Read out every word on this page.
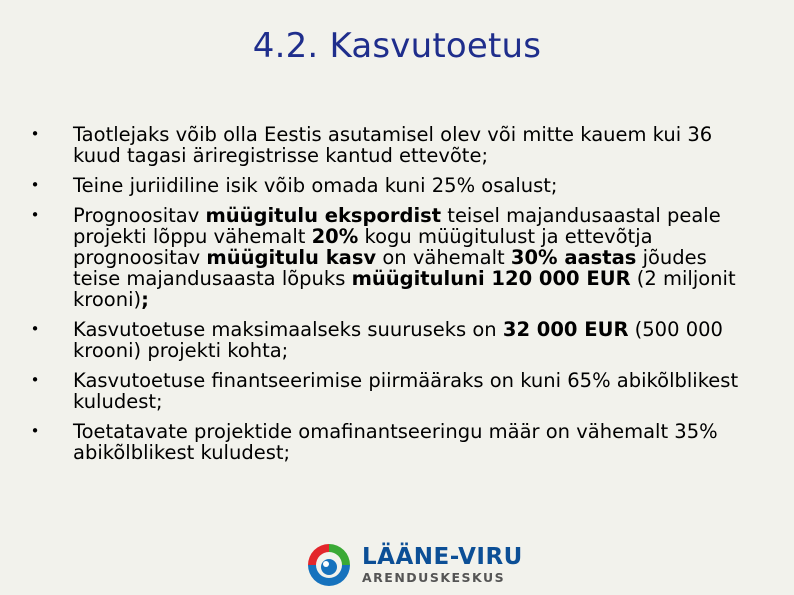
4.2. Kasvutoetus
• Taotlejaks võib olla Eestis asutamisel olev või mitte kauem kui 36 kuud tagasi äriregistrisse kantud ettevõte;
• Teine juriidiline isik võib omada kuni 25% osalust;
• Prognoositav müügitulu ekspordist teisel majandusaastal peale projekti lõppu vähemalt 20% kogu müügitulust ja ettevõtja prognoositav müügitulu kasv on vähemalt 30% aastas jõudes teise majandusaasta lõpuks müügituluni 120 000 EUR (2 miljonit krooni);
• Kasvutoetuse maksimaalseks suuruseks on 32 000 EUR (500 000 krooni) projekti kohta;
• Kasvutoetuse finantseerimise piirmääraks on kuni 65% abikõlblikest kuludest;
• Toetatavate projektide omafinantseeringu määr on vähemalt 35% abikõlblikest kuludest;
LÄÄNE-VIRU
ARENDUSKESKUS
